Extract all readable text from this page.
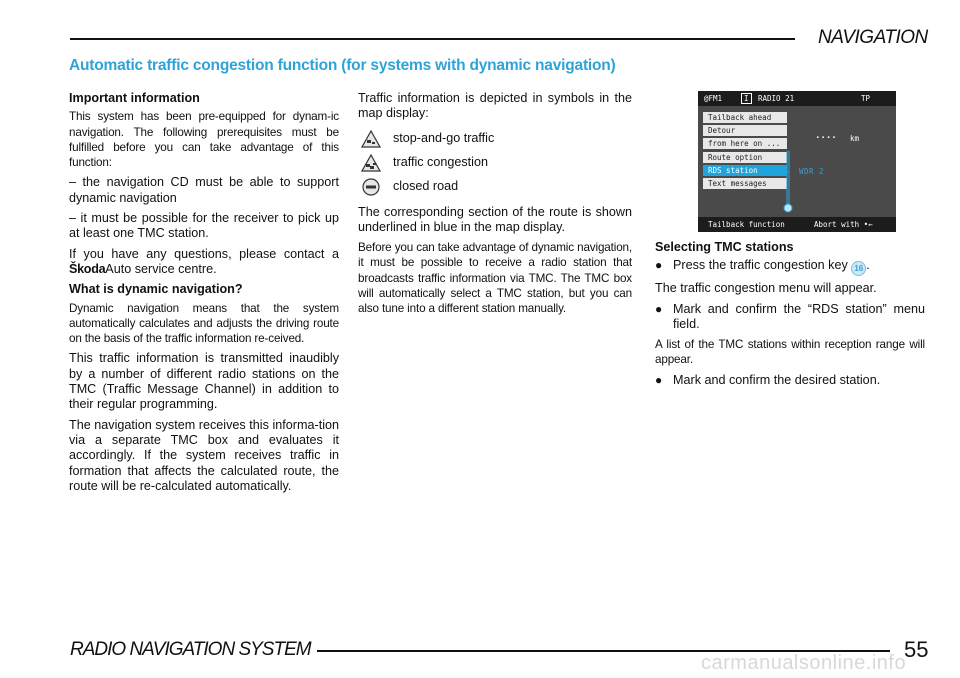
NAVIGATION
Automatic traffic congestion function (for systems with dynamic navigation)

Important information

This system has been pre-equipped for dynam-ic navigation. The following prerequisites must be fulfilled before you can take advantage of this function:

– the navigation CD must be able to support dynamic navigation

– it must be possible for the receiver to pick up at least one TMC station.

If you have any questions, please contact a ŠkodaAuto service centre.

What is dynamic navigation?

Dynamic navigation means that the system automatically calculates and adjusts the driving route on the basis of the traffic information re-ceived.

This traffic information is transmitted inaudibly by a number of different radio stations on the TMC (Traffic Message Channel) in addition to their regular programming.

The navigation system receives this informa-tion via a separate TMC box and evaluates it accordingly. If the system receives traffic in formation that affects the calculated route, the route will be re-calculated automatically.

Traffic information is depicted in symbols in the map display:

stop-and-go traffic
traffic congestion
closed road

The corresponding section of the route is shown underlined in blue in the map display.

Before you can take advantage of dynamic navigation, it must be possible to receive a radio station that broadcasts traffic information via TMC. The TMC box will automatically select a TMC station, but you can also tune into a different station manually.

@FM1	I	RADIO 21	TP
Tailback ahead
Detour
from here on ...
Route option
RDS station
Text messages
.... km
WDR 2
Tailback function	Abort with •←

Selecting TMC stations

● Press the traffic congestion key 16 .

The traffic congestion menu will appear.

● Mark and confirm the “RDS station” menu field.

A list of the TMC stations within reception range will appear.

● Mark and confirm the desired station.
RADIO NAVIGATION SYSTEM	55
carmanualsonline.info
